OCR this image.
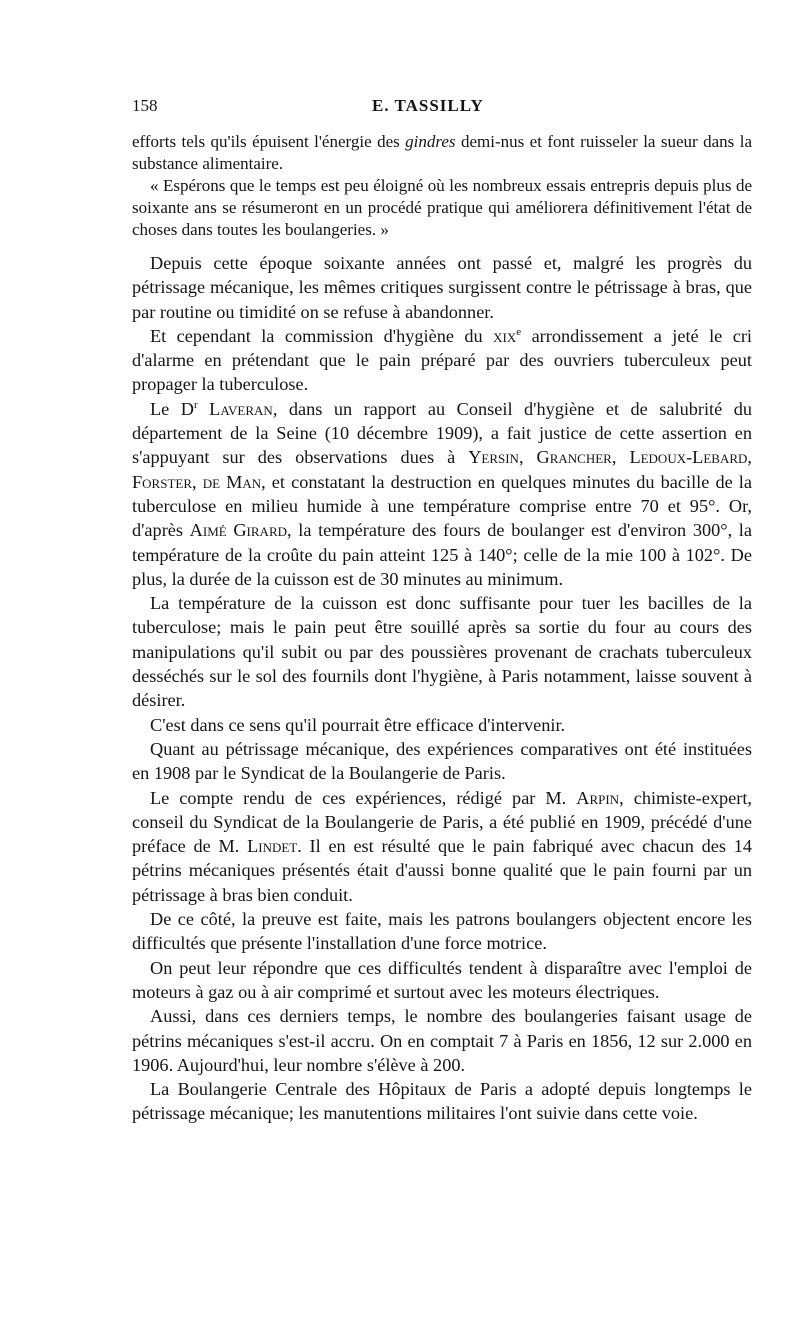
158	E. TASSILLY

efforts tels qu'ils épuisent l'énergie des gindres demi-nus et font ruisseler la sueur dans la substance alimentaire.

« Espérons que le temps est peu éloigné où les nombreux essais entrepris depuis plus de soixante ans se résumeront en un procédé pratique qui améliorera définitivement l'état de choses dans toutes les boulangeries. »

Depuis cette époque soixante années ont passé et, malgré les progrès du pétrissage mécanique, les mêmes critiques surgissent contre le pétrissage à bras, que par routine ou timidité on se refuse à abandonner.

Et cependant la commission d'hygiène du xix$^e$ arrondissement a jeté le cri d'alarme en prétendant que le pain préparé par des ouvriers tuberculeux peut propager la tuberculose.

Le $D^r$ Laveran, dans un rapport au Conseil d'hygiène et de salubrité du département de la Seine (10 décembre 1909), a fait justice de cette assertion en s'appuyant sur des observations dues à Yersin, Grancher, Ledoux-Lebard, Forster, de Man, et constatant la destruction en quelques minutes du bacille de la tuberculose en milieu humide à une température comprise entre 70 et 95°. Or, d'après Aimé Girard, la température des fours de boulanger est d'environ 300°, la température de la croûte du pain atteint 125 à 140°; celle de la mie 100 à 102°. De plus, la durée de la cuisson est de 30 minutes au minimum.

La température de la cuisson est donc suffisante pour tuer les bacilles de la tuberculose; mais le pain peut être souillé après sa sortie du four au cours des manipulations qu'il subit ou par des poussières provenant de crachats tuberculeux desséchés sur le sol des fournils dont l'hygiène, à Paris notamment, laisse souvent à désirer.

C'est dans ce sens qu'il pourrait être efficace d'intervenir.

Quant au pétrissage mécanique, des expériences comparatives ont été instituées en 1908 par le Syndicat de la Boulangerie de Paris.

Le compte rendu de ces expériences, rédigé par M. Arpin, chimiste-expert, conseil du Syndicat de la Boulangerie de Paris, a été publié en 1909, précédé d'une préface de M. Lindet. Il en est résulté que le pain fabriqué avec chacun des 14 pétrins mécaniques présentés était d'aussi bonne qualité que le pain fourni par un pétrissage à bras bien conduit.

De ce côté, la preuve est faite, mais les patrons boulangers objectent encore les difficultés que présente l'installation d'une force motrice.

On peut leur répondre que ces difficultés tendent à disparaître avec l'emploi de moteurs à gaz ou à air comprimé et surtout avec les moteurs électriques.

Aussi, dans ces derniers temps, le nombre des boulangeries faisant usage de pétrins mécaniques s'est-il accru. On en comptait 7 à Paris en 1856, 12 sur 2.000 en 1906. Aujourd'hui, leur nombre s'élève à 200.

La Boulangerie Centrale des Hôpitaux de Paris a adopté depuis longtemps le pétrissage mécanique; les manutentions militaires l'ont suivie dans cette voie.
